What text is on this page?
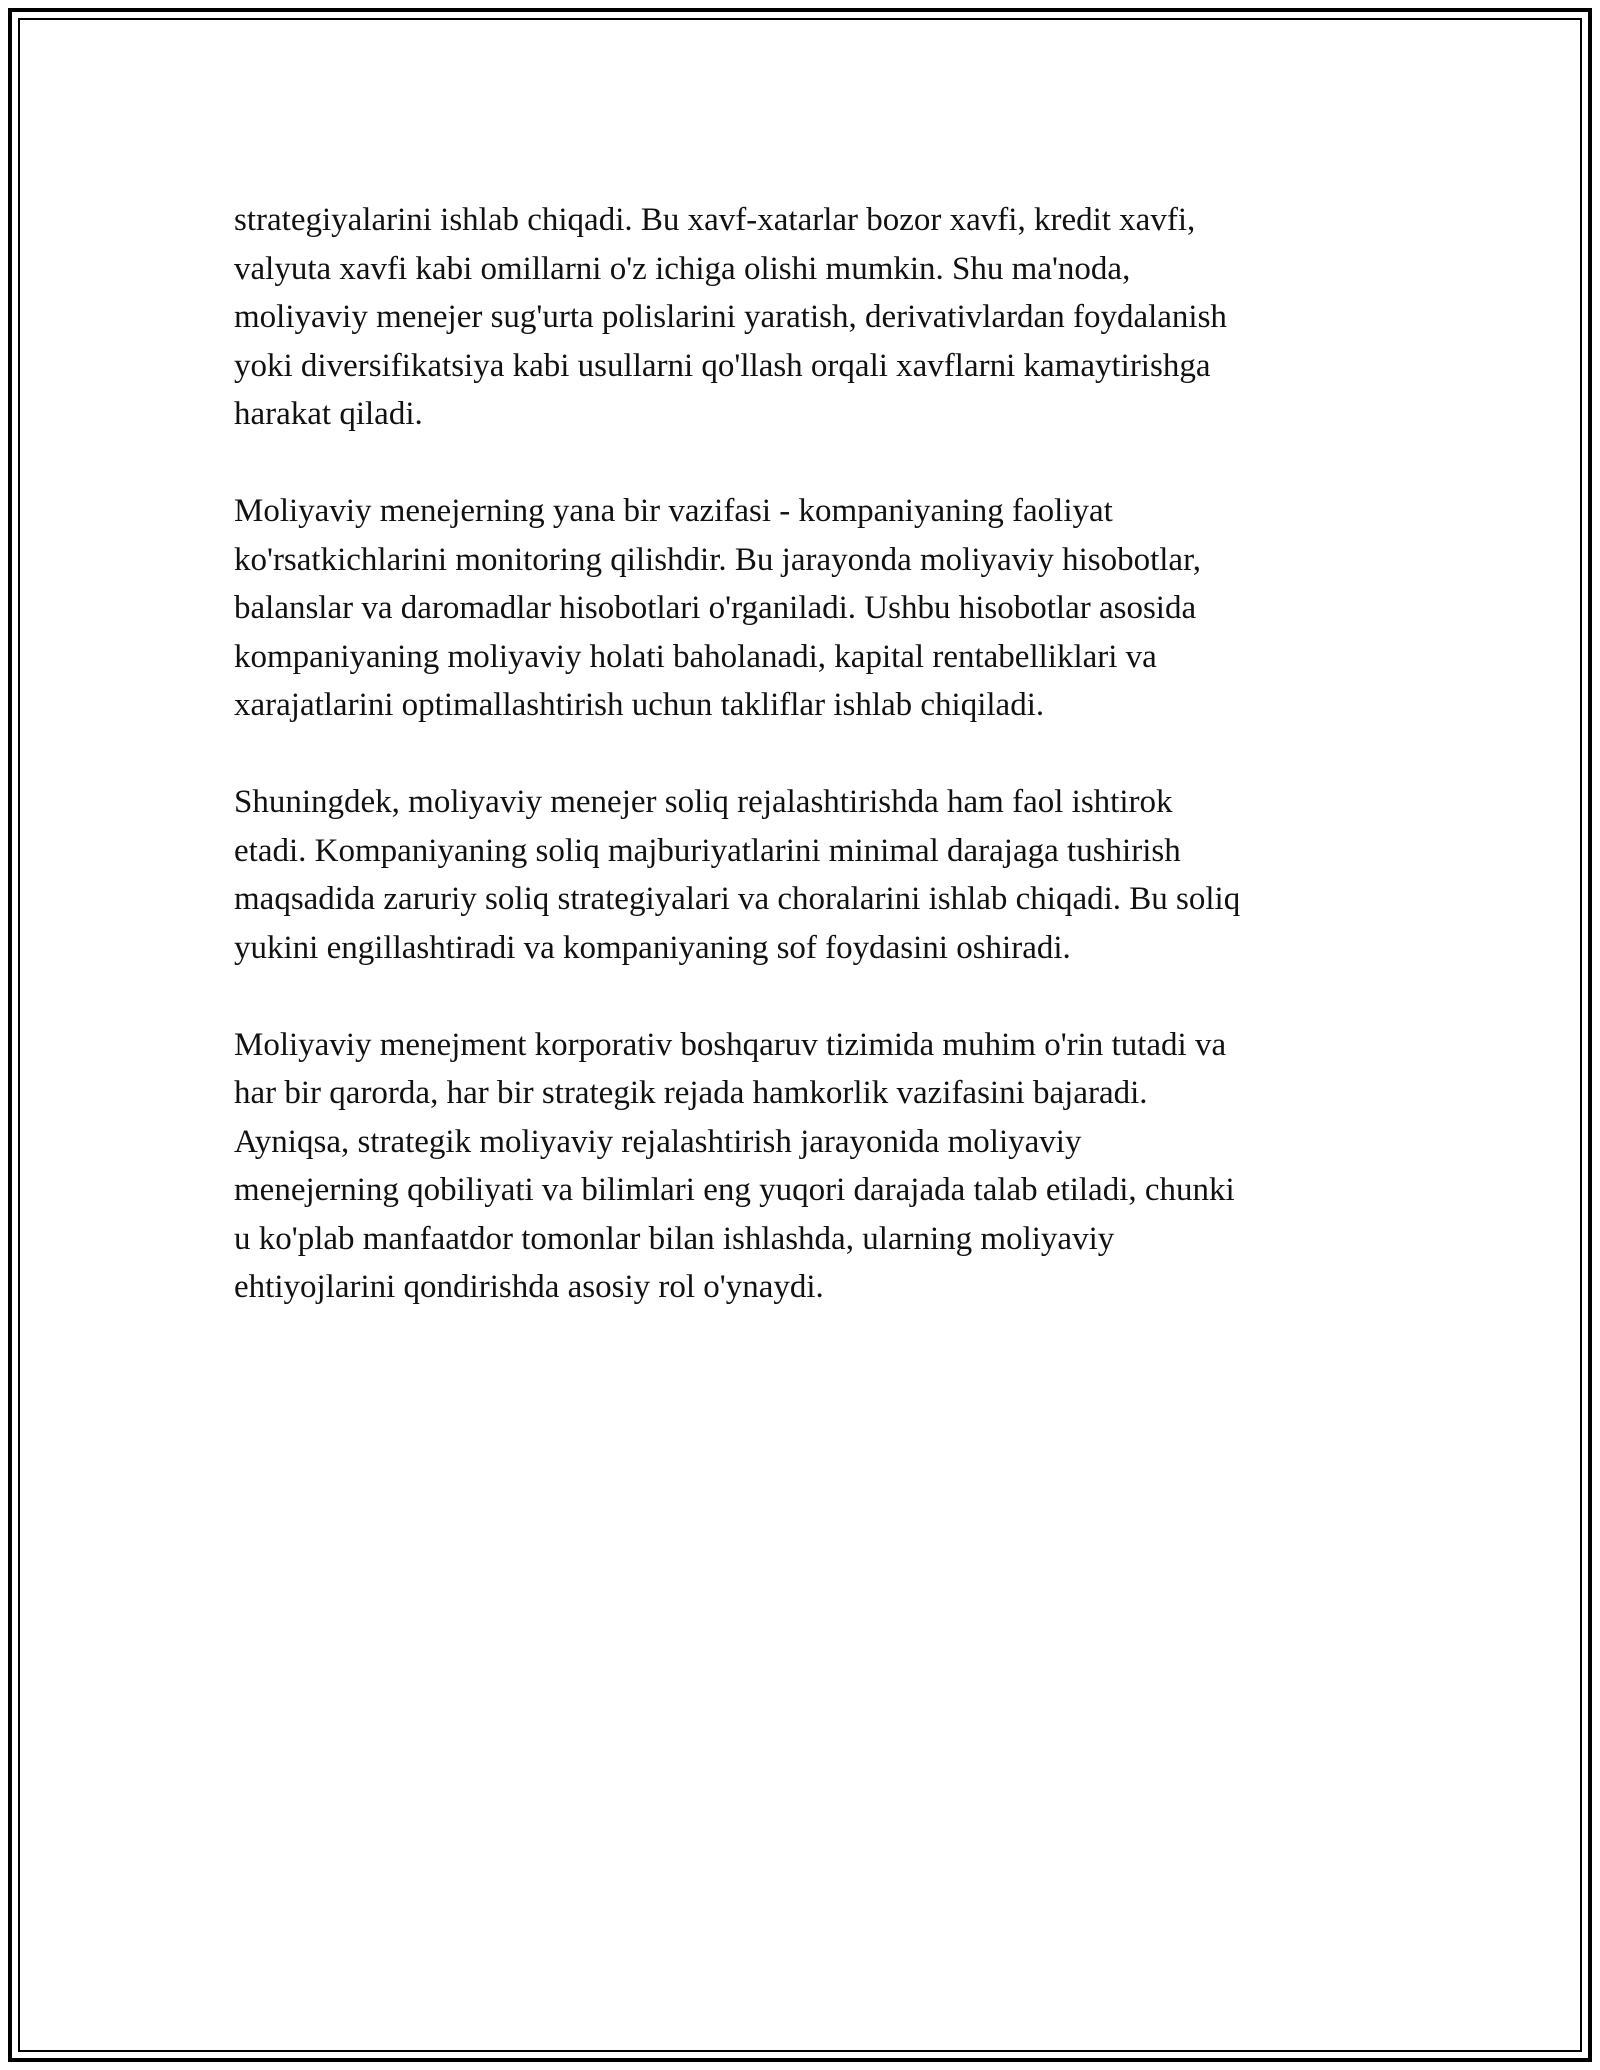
strategiyalarini ishlab chiqadi. Bu xavf-xatarlar bozor xavfi, kredit xavfi,
valyuta xavfi kabi omillarni o'z ichiga olishi mumkin. Shu ma'noda,
moliyaviy menejer sug'urta polislarini yaratish, derivativlardan foydalanish
yoki diversifikatsiya kabi usullarni qo'llash orqali xavflarni kamaytirishga
harakat qiladi.

Moliyaviy menejerning yana bir vazifasi - kompaniyaning faoliyat
ko'rsatkichlarini monitoring qilishdir. Bu jarayonda moliyaviy hisobotlar,
balanslar va daromadlar hisobotlari o'rganiladi. Ushbu hisobotlar asosida
kompaniyaning moliyaviy holati baholanadi, kapital rentabelliklari va
xarajatlarini optimallashtirish uchun takliflar ishlab chiqiladi.

Shuningdek, moliyaviy menejer soliq rejalashtirishda ham faol ishtirok
etadi. Kompaniyaning soliq majburiyatlarini minimal darajaga tushirish
maqsadida zaruriy soliq strategiyalari va choralarini ishlab chiqadi. Bu soliq
yukini engillashtiradi va kompaniyaning sof foydasini oshiradi.

Moliyaviy menejment korporativ boshqaruv tizimida muhim o'rin tutadi va
har bir qarorda, har bir strategik rejada hamkorlik vazifasini bajaradi.
Ayniqsa, strategik moliyaviy rejalashtirish jarayonida moliyaviy
menejerning qobiliyati va bilimlari eng yuqori darajada talab etiladi, chunki
u ko'plab manfaatdor tomonlar bilan ishlashda, ularning moliyaviy
ehtiyojlarini qondirishda asosiy rol o'ynaydi.
